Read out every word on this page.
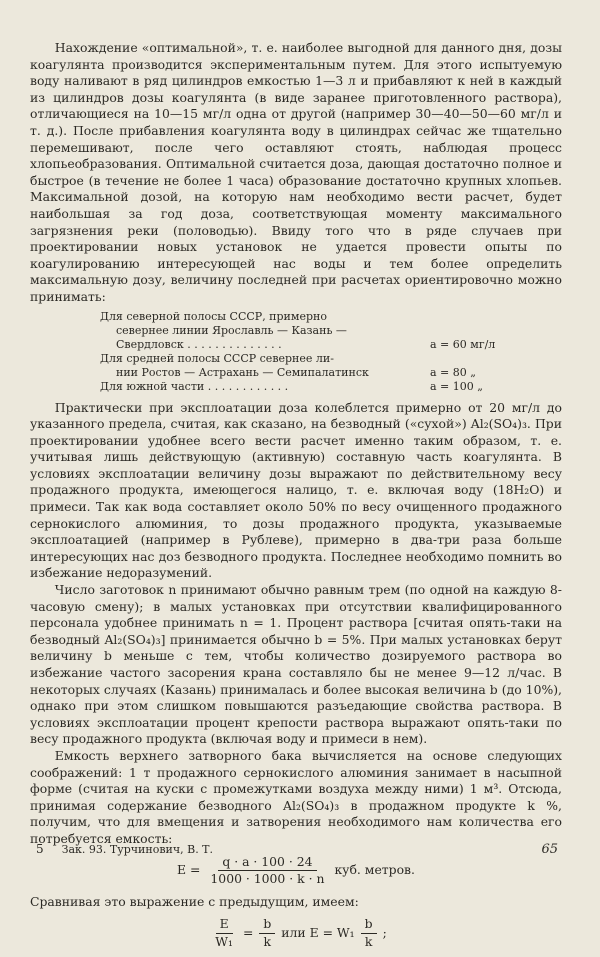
Нахождение «оптимальной», т. е. наиболее выгодной для данного дня, дозы коагулянта производится экспериментальным путем. Для этого испытуемую воду наливают в ряд цилиндров емкостью 1—3 л и прибавляют к ней в каждый из цилиндров дозы коагулянта (в виде заранее приготовленного раствора), отличающиеся на 10—15 мг/л одна от другой (например 30—40—50—60 мг/л и т. д.). После прибавления коагулянта воду в цилиндрах сейчас же тщательно перемешивают, после чего оставляют стоять, наблюдая процесс хлопьеобразования. Оптимальной считается доза, дающая достаточно полное и быстрое (в течение не более 1 часа) образование достаточно крупных хлопьев. Максимальной дозой, на которую нам необходимо вести расчет, будет наибольшая за год доза, соответствующая моменту максимального загрязнения реки (половодью). Ввиду того что в ряде случаев при проектировании новых установок не удается провести опыты по коагулированию интересующей нас воды и тем более определить максимальную дозу, величину последней при расчетах ориентировочно можно принимать:

Для северной полосы СССР, примерно
севернее линии Ярославль — Казань —
Свердловск . . . . . . . . . . . . . .	a = 60 мг/л
Для средней полосы СССР севернее ли-
нии Ростов — Астрахань — Семипалатинск	a = 80 „
Для южной части . . . . . . . . . . . .	a = 100 „

Практически при эксплоатации доза колеблется примерно от 20 мг/л до указанного предела, считая, как сказано, на безводный («сухой») Al₂(SO₄)₃. При проектировании удобнее всего вести расчет именно таким образом, т. е. учитывая лишь действующую (активную) составную часть коагулянта. В условиях эксплоатации величину дозы выражают по действительному весу продажного продукта, имеющегося налицо, т. е. включая воду (18H₂O) и примеси. Так как вода составляет около 50% по весу очищенного продажного сернокислого алюминия, то дозы продажного продукта, указываемые эксплоатацией (например в Рублеве), примерно в два-три раза больше интересующих нас доз безводного продукта. Последнее необходимо помнить во избежание недоразумений.

Число заготовок n принимают обычно равным трем (по одной на каждую 8-часовую смену); в малых установках при отсутствии квалифицированного персонала удобнее принимать n = 1. Процент раствора [считая опять-таки на безводный Al₂(SO₄)₃] принимается обычно b = 5%. При малых установках берут величину b меньше с тем, чтобы количество дозируемого раствора во избежание частого засорения крана составляло бы не менее 9—12 л/час. В некоторых случаях (Казань) принималась и более высокая величина b (до 10%), однако при этом слишком повышаются разъедающие свойства раствора. В условиях эксплоатации процент крепости раствора выражают опять-таки по весу продажного продукта (включая воду и примеси в нем).

Емкость верхнего затворного бака вычисляется на основе следующих соображений: 1 т продажного сернокислого алюминия занимает в насыпной форме (считая на куски с промежутками воздуха между ними) 1 м³. Отсюда, принимая содержание безводного Al₂(SO₄)₃ в продажном продукте k %, получим, что для вмещения и затворения необходимого нам количества его потребуется емкость:

$E = \frac{q \cdot a \cdot 100 \cdot 24}{1000 \cdot 1000 \cdot k \cdot n}$ куб. метров.

Сравнивая это выражение с предыдущим, имеем:

$\frac{E}{\text{W₁}} = \frac{b}{k}$ или $E = W_1 \frac{b}{k}$ ;
5 Зак. 93. Турчинович, В. Т.	65
